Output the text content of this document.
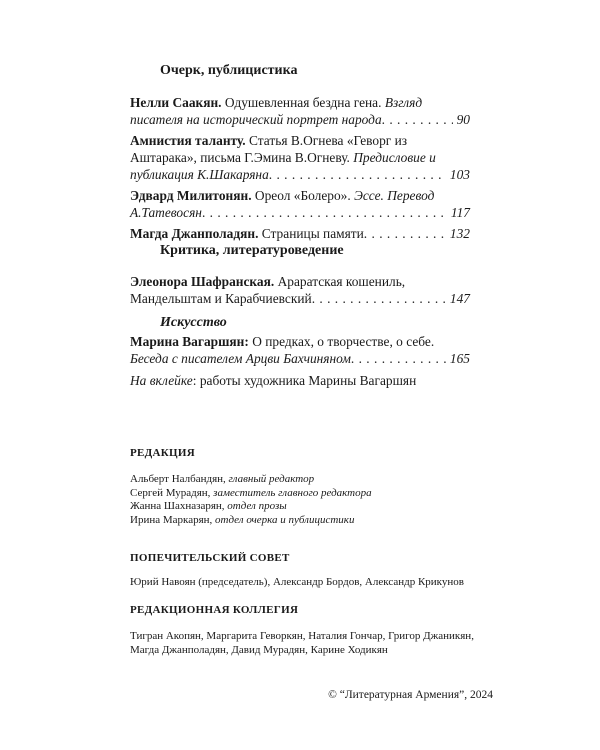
Очерк, публицистика
Нелли Саакян.
Одушевленная бездна гена.
Взгляд
писателя на исторический портрет народа . . .	90
Амнистия таланту.
Статья В.Огнева «Геворг из
Аштарака», письма Г.Эмина В.Огневу.
Предисловие и
публикация К.Шакаряна . . .	103
Эдвард Милитонян.
Ореол «Болеро».
Эссе. Перевод
А.Татевосян . . .	117
Магда Джанполадян.
Страницы памяти . . .	132
Критика, литературоведение
Элеонора Шафранская.
Араратская кошениль,
Мандельштам и Карабчиевский . . .	147
Искусство
Марина Вагаршян:
О предках, о творчестве, о себе.
Беседа с писателем Арцви Бахчиняном . . .	165
На вклейке: работы художника Марины Вагаршян
РЕДАКЦИЯ
Альберт Налбандян, главный редактор
Сергей Мурадян, заместитель главного редактора
Жанна Шахназарян, отдел прозы
Ирина Маркарян, отдел очерка и публицистики
ПОПЕЧИТЕЛЬСКИЙ СОВЕТ
Юрий Навоян (председатель), Александр Бордов, Александр Крикунов
РЕДАКЦИОННАЯ КОЛЛЕГИЯ
Тигран Акопян, Маргарита Геворкян, Наталия Гончар, Григор Джаникян,
Магда Джанполадян, Давид Мурадян, Карине Ходикян
© “Литературная Армения”, 2024
